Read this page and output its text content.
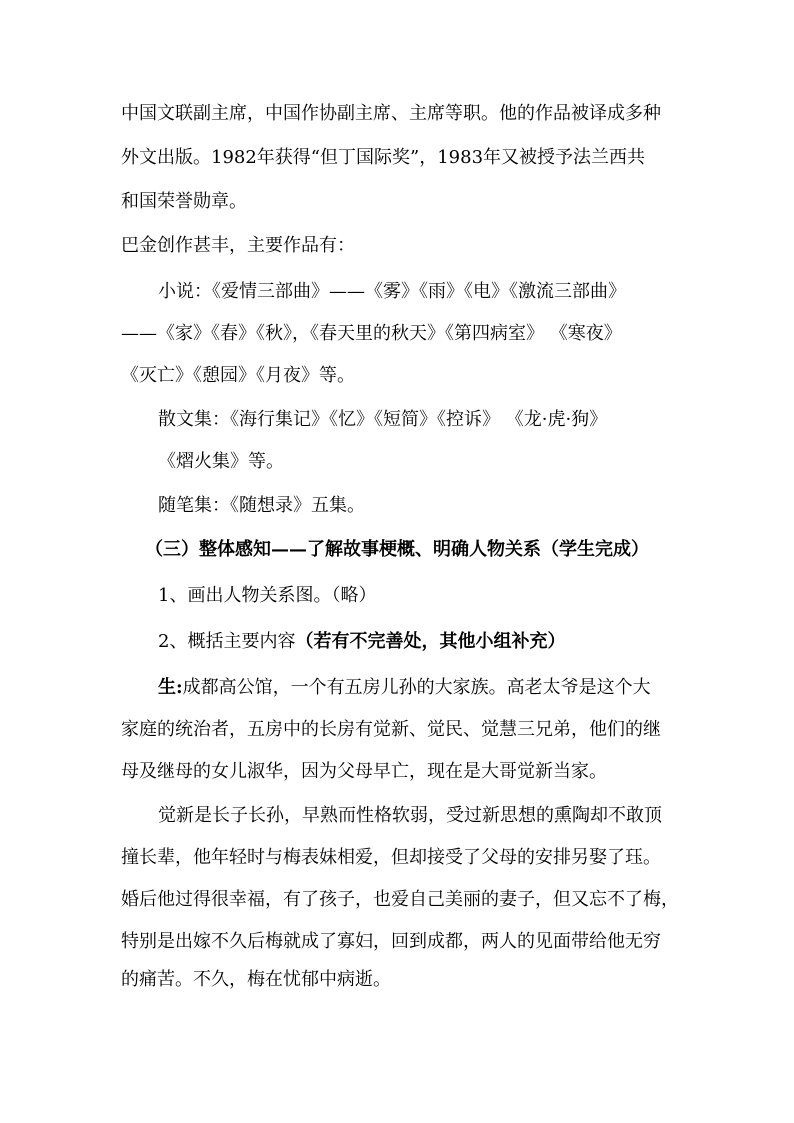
中国文联副主席，中国作协副主席、主席等职。他的作品被译成多种
外文出版。1982年获得“但丁国际奖”，1983年又被授予法兰西共
和国荣誉勋章。
巴金创作甚丰，主要作品有：
小说：《爱情三部曲》——《雾》《雨》《电》《激流三部曲》
——《家》《春》《秋》，《春天里的秋天》《第四病室》 《寒夜》
《灭亡》《憩园》《月夜》等。
散文集：《海行集记》《忆》《短简》《控诉》 《龙·虎·狗》
《熠火集》等。
随笔集：《随想录》五集。
（三）整体感知——了解故事梗概、明确人物关系（学生完成）
1、画出人物关系图。（略）
2、概括主要内容（若有不完善处，其他小组补充）
生:成都高公馆，一个有五房儿孙的大家族。高老太爷是这个大
家庭的统治者，五房中的长房有觉新、觉民、觉慧三兄弟，他们的继
母及继母的女儿淑华，因为父母早亡，现在是大哥觉新当家。
觉新是长子长孙，早熟而性格软弱，受过新思想的熏陶却不敢顶
撞长辈，他年轻时与梅表妹相爱，但却接受了父母的安排另娶了珏。
婚后他过得很幸福，有了孩子，也爱自己美丽的妻子，但又忘不了梅，
特别是出嫁不久后梅就成了寡妇，回到成都，两人的见面带给他无穷
的痛苦。不久，梅在忧郁中病逝。
